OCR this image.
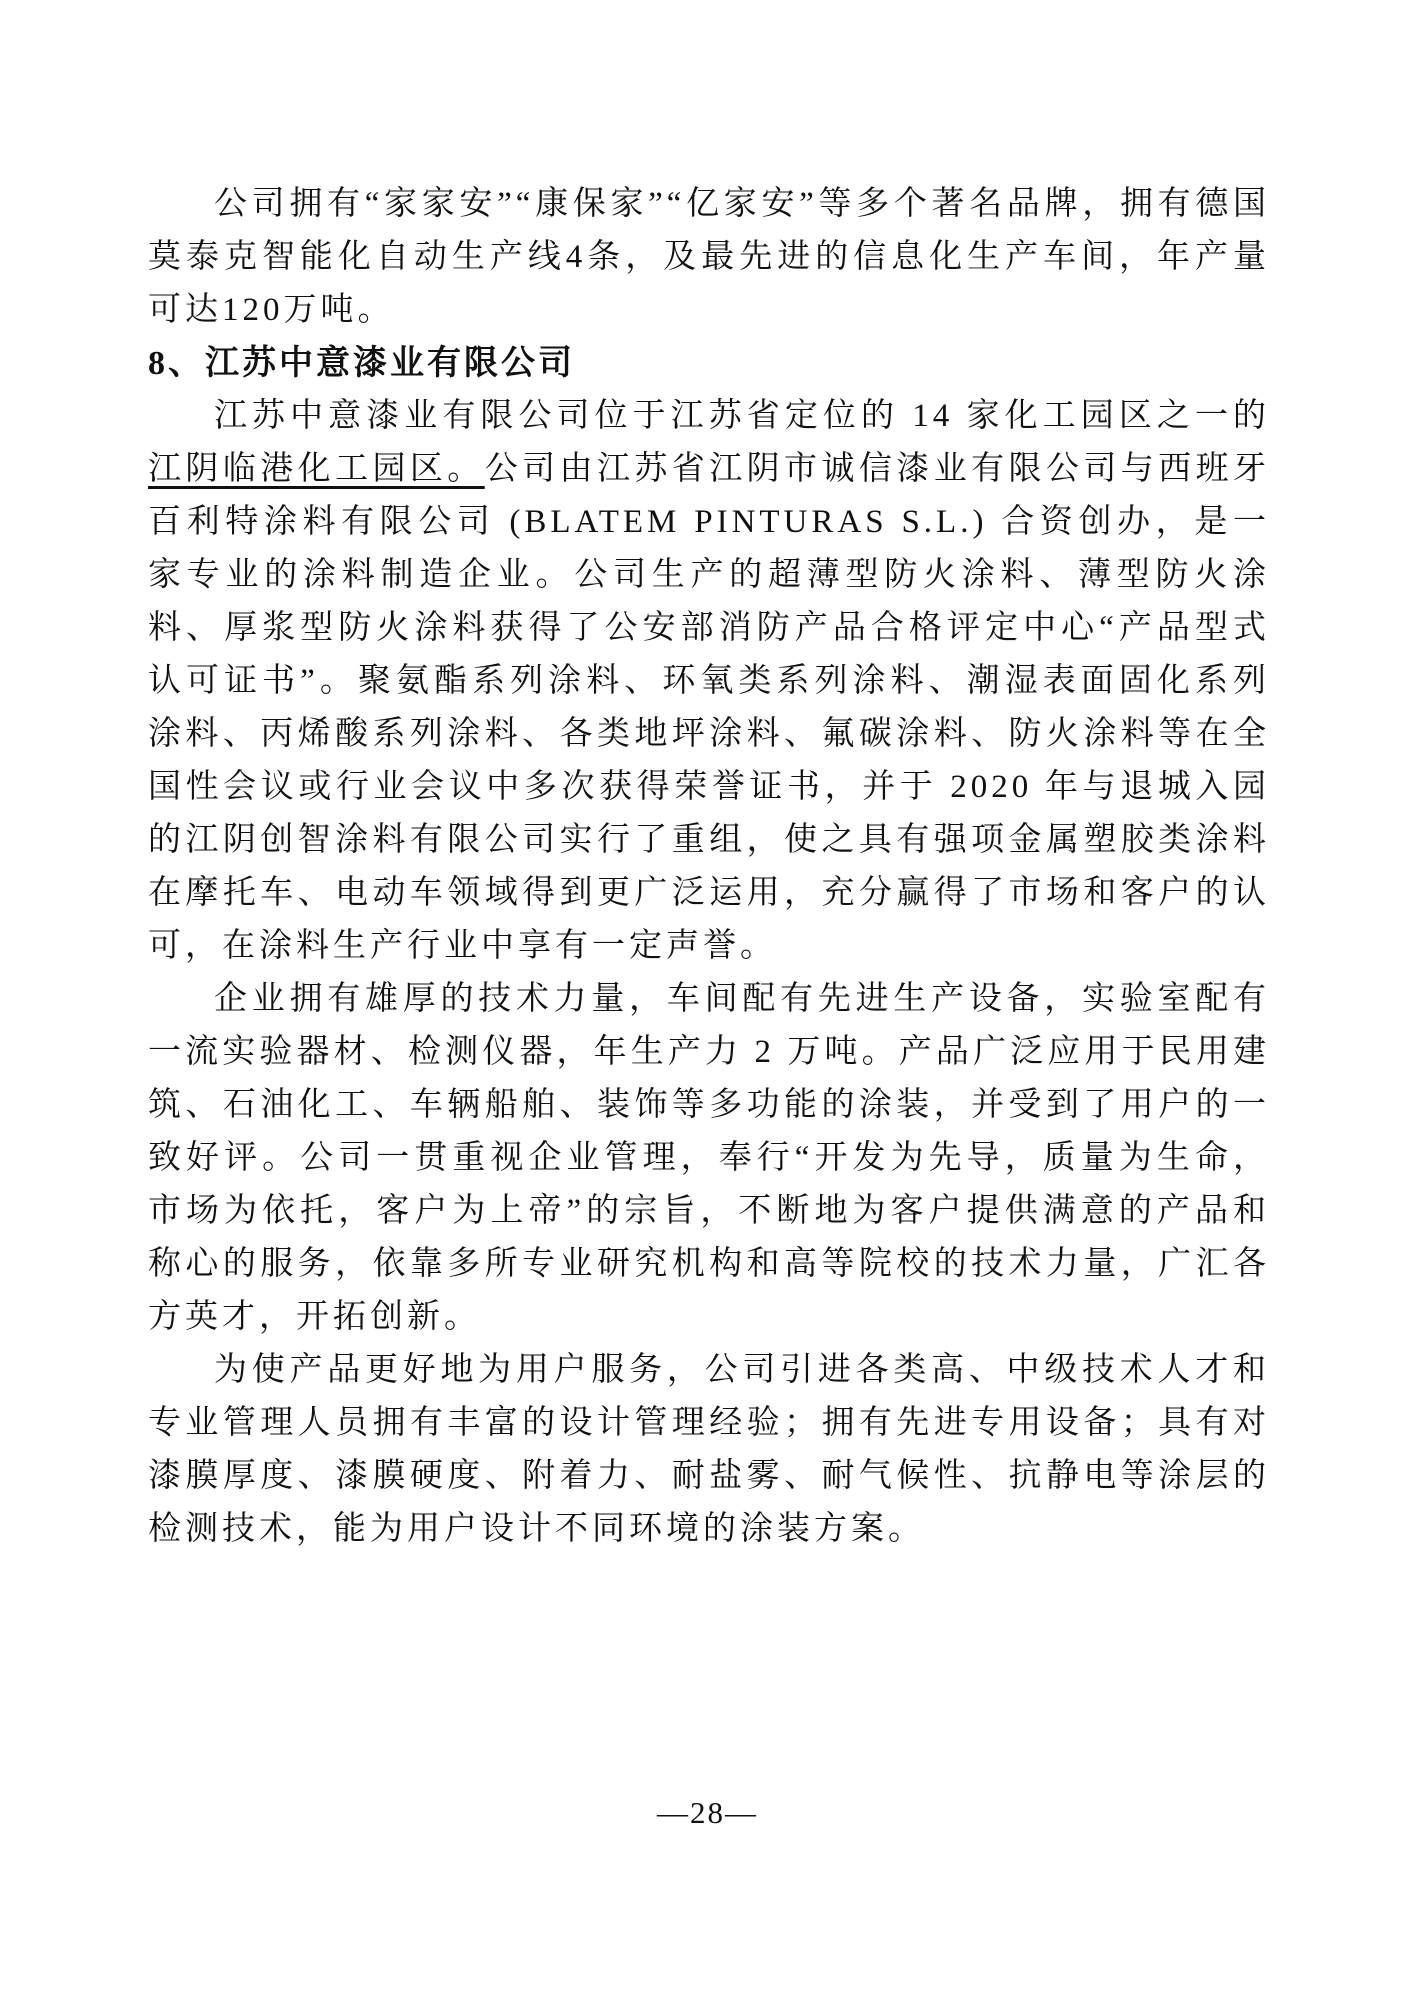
公司拥有“家家安”“康保家”“亿家安”等多个著名品牌，拥有德国莫泰克智能化自动生产线4条，及最先进的信息化生产车间，年产量可达120万吨。

8、江苏中意漆业有限公司

江苏中意漆业有限公司位于江苏省定位的 14 家化工园区之一的江阴临港化工园区。公司由江苏省江阴市诚信漆业有限公司与西班牙百利特涂料有限公司 (BLATEM PINTURAS S.L.) 合资创办，是一家专业的涂料制造企业。公司生产的超薄型防火涂料、薄型防火涂料、厚浆型防火涂料获得了公安部消防产品合格评定中心“产品型式认可证书”。聚氨酯系列涂料、环氧类系列涂料、潮湿表面固化系列涂料、丙烯酸系列涂料、各类地坪涂料、氟碳涂料、防火涂料等在全国性会议或行业会议中多次获得荣誉证书，并于 2020 年与退城入园的江阴创智涂料有限公司实行了重组，使之具有强项金属塑胶类涂料在摩托车、电动车领域得到更广泛运用，充分赢得了市场和客户的认可，在涂料生产行业中享有一定声誉。

企业拥有雄厚的技术力量，车间配有先进生产设备，实验室配有一流实验器材、检测仪器，年生产力 2 万吨。产品广泛应用于民用建筑、石油化工、车辆船舶、装饰等多功能的涂装，并受到了用户的一致好评。公司一贯重视企业管理，奉行“开发为先导，质量为生命，市场为依托，客户为上帝”的宗旨，不断地为客户提供满意的产品和称心的服务，依靠多所专业研究机构和高等院校的技术力量，广汇各方英才，开拓创新。

为使产品更好地为用户服务，公司引进各类高、中级技术人才和专业管理人员拥有丰富的设计管理经验；拥有先进专用设备；具有对漆膜厚度、漆膜硬度、附着力、耐盐雾、耐气候性、抗静电等涂层的检测技术，能为用户设计不同环境的涂装方案。

—28—
